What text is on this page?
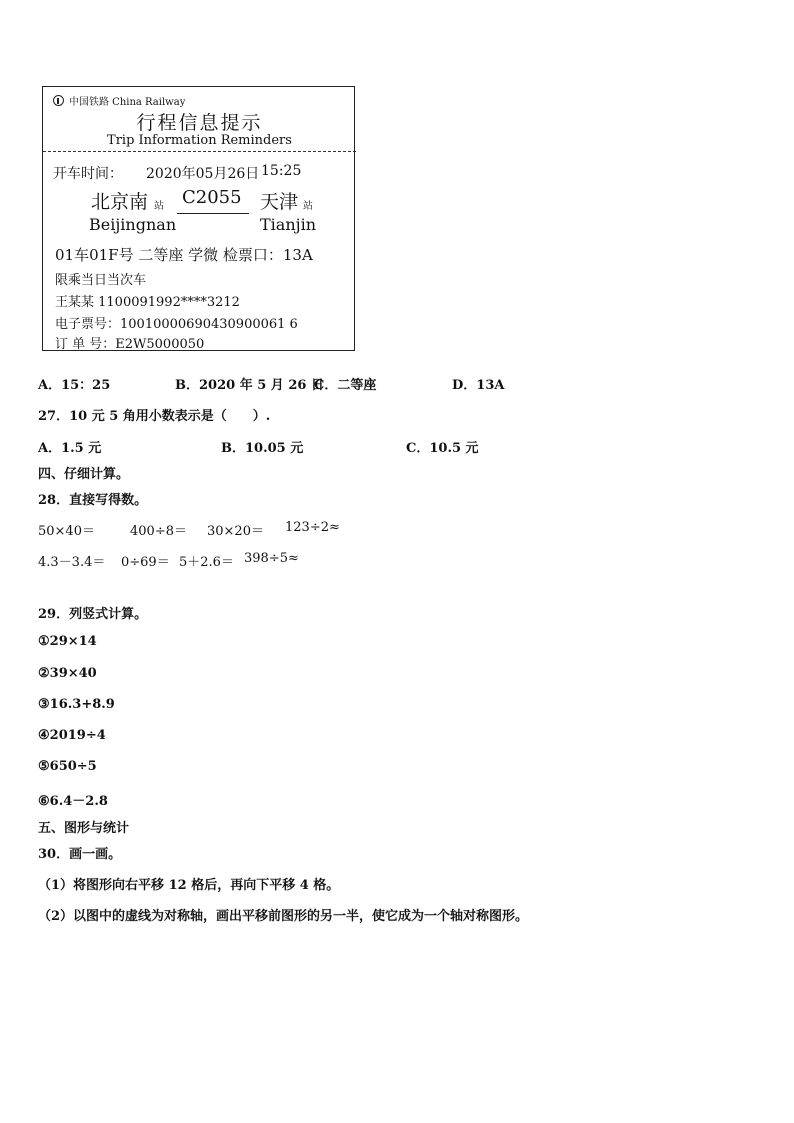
中国铁路 China Railway
行程信息提示
Trip Information Reminders
开车时间： 2020年05月26日 15:25
北京南 站 C2055 天津 站
Beijingnan	Tianjin
01车01F号 二等座 学微 检票口：13A
限乘当日当次车
王某某 1100091992****3212
电子票号：10010000690430900061 6
订 单 号：E2W5000050
A．15：25	B．2020 年 5 月 26 日
C．二等座	D．13A
27．10 元 5 角用小数表示是（　　）.
A．1.5 元	B．10.05 元	C．10.5 元
四、仔细计算。
28．直接写得数。
50×40＝	400÷8＝ 30×20＝ 123÷2≈
4.3－3.4＝ 0÷69＝ 5＋2.6＝ 398÷5≈
29．列竖式计算。
①29×14
②39×40
③16.3+8.9
④2019÷4
⑤650÷5
⑥6.4－2.8
五、图形与统计
30．画一画。
（1）将图形向右平移 12 格后，再向下平移 4 格。
（2）以图中的虚线为对称轴，画出平移前图形的另一半，使它成为一个轴对称图形。
